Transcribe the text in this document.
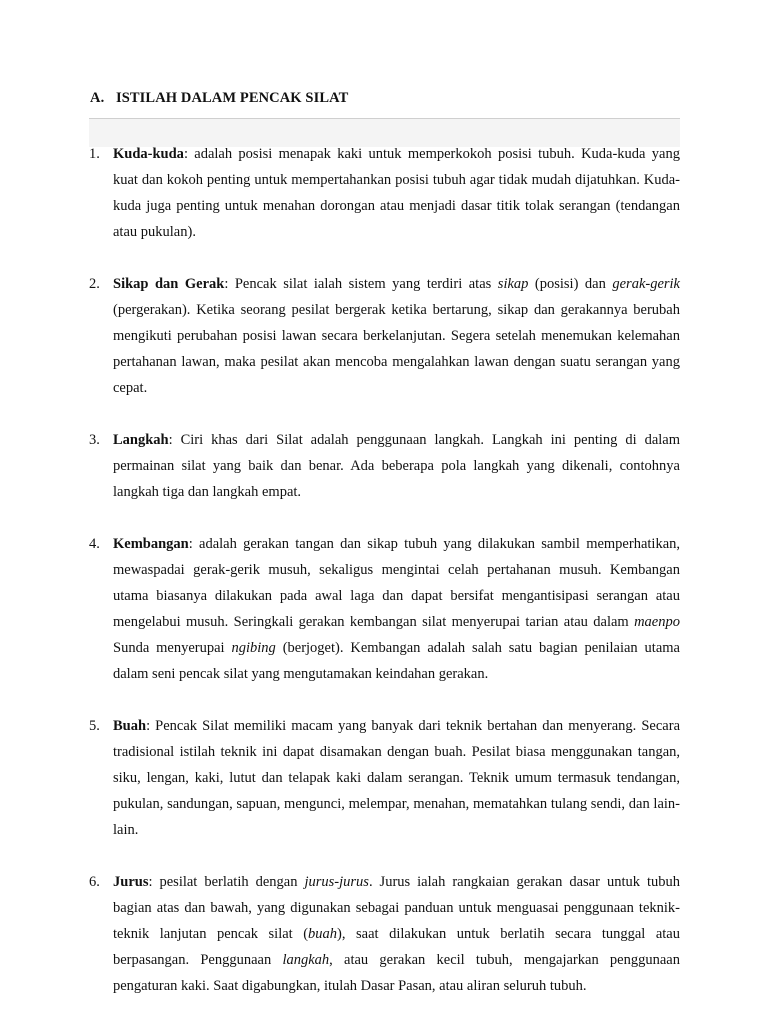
A. ISTILAH DALAM PENCAK SILAT
1. Kuda-kuda: adalah posisi menapak kaki untuk memperkokoh posisi tubuh. Kuda-kuda yang kuat dan kokoh penting untuk mempertahankan posisi tubuh agar tidak mudah dijatuhkan. Kuda-kuda juga penting untuk menahan dorongan atau menjadi dasar titik tolak serangan (tendangan atau pukulan).

2. Sikap dan Gerak: Pencak silat ialah sistem yang terdiri atas sikap (posisi) dan gerak-gerik (pergerakan). Ketika seorang pesilat bergerak ketika bertarung, sikap dan gerakannya berubah mengikuti perubahan posisi lawan secara berkelanjutan. Segera setelah menemukan kelemahan pertahanan lawan, maka pesilat akan mencoba mengalahkan lawan dengan suatu serangan yang cepat.

3. Langkah: Ciri khas dari Silat adalah penggunaan langkah. Langkah ini penting di dalam permainan silat yang baik dan benar. Ada beberapa pola langkah yang dikenali, contohnya langkah tiga dan langkah empat.

4. Kembangan: adalah gerakan tangan dan sikap tubuh yang dilakukan sambil memperhatikan, mewaspadai gerak-gerik musuh, sekaligus mengintai celah pertahanan musuh. Kembangan utama biasanya dilakukan pada awal laga dan dapat bersifat mengantisipasi serangan atau mengelabui musuh. Seringkali gerakan kembangan silat menyerupai tarian atau dalam maenpo Sunda menyerupai ngibing (berjoget). Kembangan adalah salah satu bagian penilaian utama dalam seni pencak silat yang mengutamakan keindahan gerakan.

5. Buah: Pencak Silat memiliki macam yang banyak dari teknik bertahan dan menyerang. Secara tradisional istilah teknik ini dapat disamakan dengan buah. Pesilat biasa menggunakan tangan, siku, lengan, kaki, lutut dan telapak kaki dalam serangan. Teknik umum termasuk tendangan, pukulan, sandungan, sapuan, mengunci, melempar, menahan, mematahkan tulang sendi, dan lain-lain.

6. Jurus: pesilat berlatih dengan jurus-jurus. Jurus ialah rangkaian gerakan dasar untuk tubuh bagian atas dan bawah, yang digunakan sebagai panduan untuk menguasai penggunaan teknik-teknik lanjutan pencak silat (buah), saat dilakukan untuk berlatih secara tunggal atau berpasangan. Penggunaan langkah, atau gerakan kecil tubuh, mengajarkan penggunaan pengaturan kaki. Saat digabungkan, itulah Dasar Pasan, atau aliran seluruh tubuh.
